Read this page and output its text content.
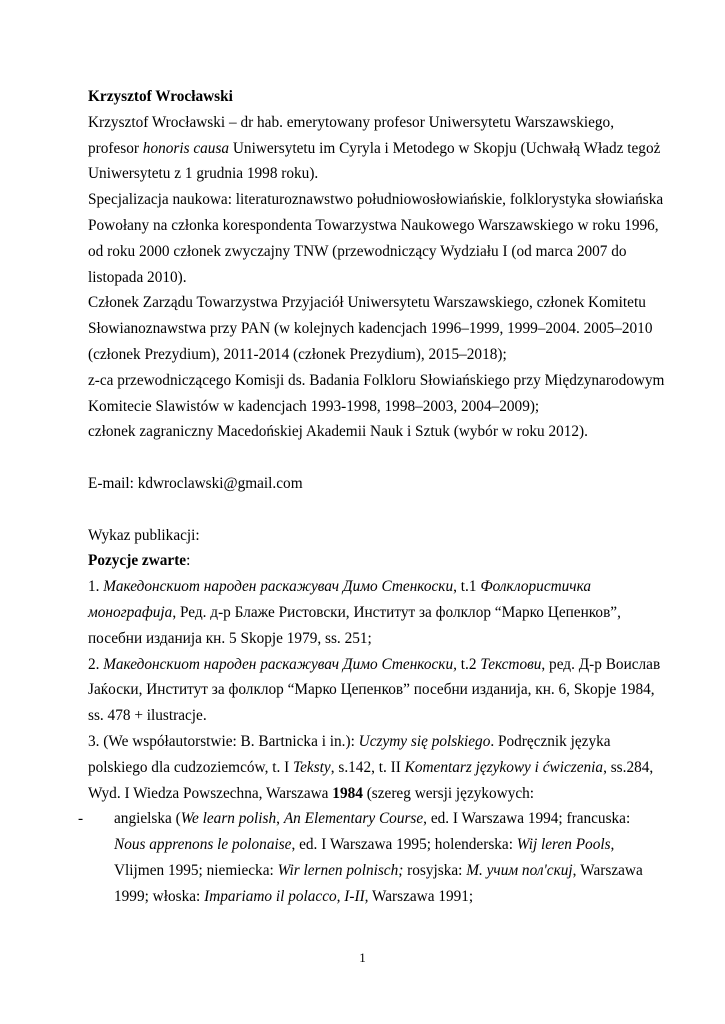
Krzysztof Wrocławski
Krzysztof Wrocławski – dr hab. emerytowany profesor Uniwersytetu Warszawskiego,
profesor honoris causa Uniwersytetu im Cyryla i Metodego w Skopju (Uchwałą Władz tegoż
Uniwersytetu z 1 grudnia 1998 roku).
Specjalizacja naukowa: literaturoznawstwo południowosłowiańskie, folklorystyka słowiańska
Powołany na członka korespondenta Towarzystwa Naukowego Warszawskiego w roku 1996,
od roku 2000 członek zwyczajny TNW (przewodniczący Wydziału I (od marca 2007 do
listopada 2010).
Członek Zarządu Towarzystwa Przyjaciół Uniwersytetu Warszawskiego, członek Komitetu
Słowianoznawstwa przy PAN (w kolejnych kadencjach 1996–1999, 1999–2004. 2005–2010
(członek Prezydium), 2011-2014 (członek Prezydium), 2015–2018);
z-ca przewodniczącego Komisji ds. Badania Folkloru Słowiańskiego przy Międzynarodowym
Komitecie Slawistów w kadencjach 1993-1998, 1998–2003, 2004–2009);
członek zagraniczny Macedońskiej Akademii Nauk i Sztuk (wybór w roku 2012).
E-mail: kdwroclawski@gmail.com
Wykaz publikacji:
Pozycje zwarte:
1. Македонскиот народен раскажувач Димо Стенкоски, t.1 Фолклористичка
монографија, Ред. д-р Блаже Ристовски, Институт за фолклор “Марко Цепенков”,
посебни изданија кн. 5 Skopje 1979, ss. 251;
2. Македонскиот народен раскажувач Димо Стенкоски, t.2 Текстови, ред. Д-р Воислав
Јаќоски, Институт за фолклор “Марко Цепенков” посебни изданија, кн. 6, Skopje 1984,
ss. 478 + ilustracje.
3. (We współautorstwie: B. Bartnicka i in.): Uczymy się polskiego. Podręcznik języka
polskiego dla cudzoziemców, t. I Teksty, s.142, t. II Komentarz językowy i ćwiczenia, ss.284,
Wyd. I Wiedza Powszechna, Warszawa 1984 (szereg wersji językowych:
- angielska (We learn polish, An Elementary Course, ed. I Warszawa 1994; francuska:
Nous apprenons le polonaise, ed. I Warszawa 1995; holenderska: Wij leren Pools,
Vlijmen 1995; niemiecka: Wir lernen polnisch; rosyjska: М. учим пол'скиј, Warszawa
1999; włoska: Impariamo il polacco, I-II, Warszawa 1991;
1
